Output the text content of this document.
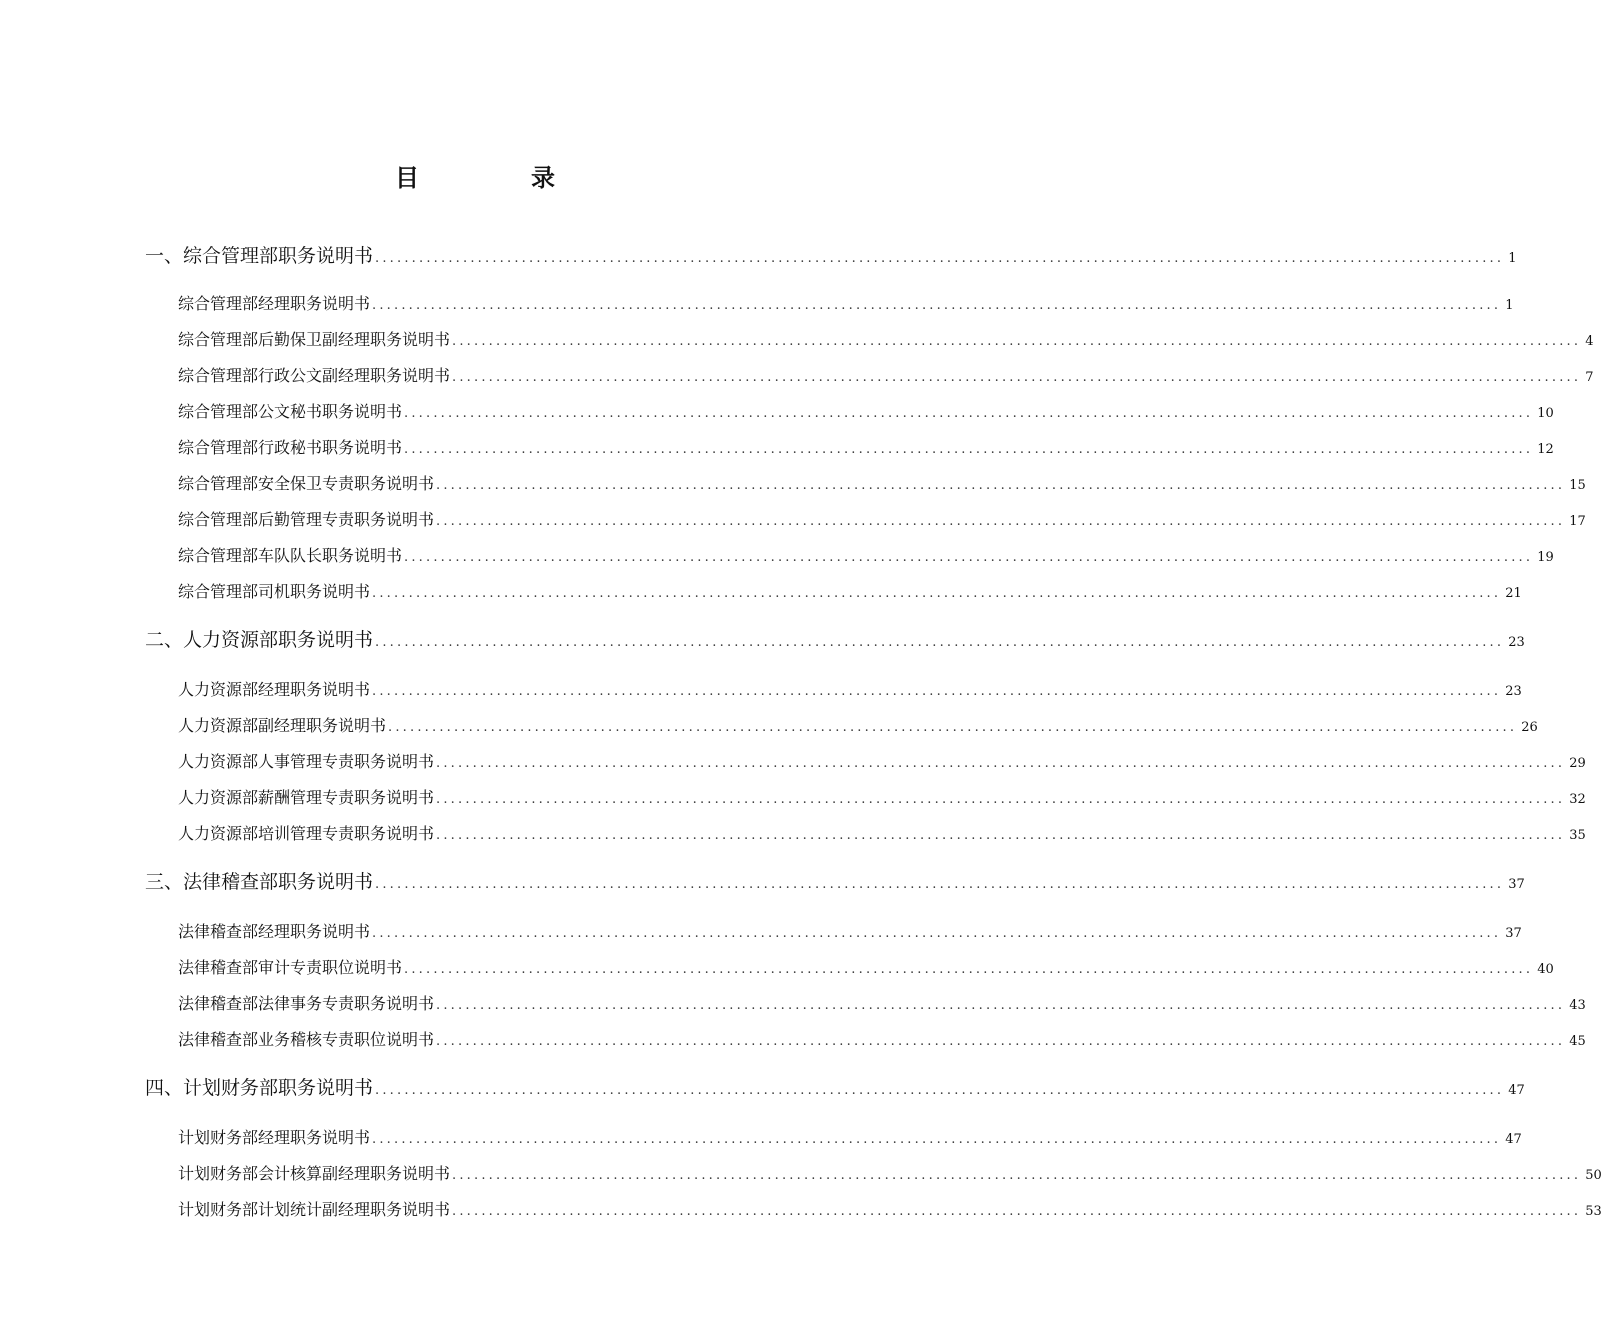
目　录
一、综合管理部职务说明书 .......................................................................................................................................................... 1
综合管理部经理职务说明书 .......................................................................................................................................................... 1
综合管理部后勤保卫副经理职务说明书 .......................................................................................................................................................... 4
综合管理部行政公文副经理职务说明书 .......................................................................................................................................................... 7
综合管理部公文秘书职务说明书 .......................................................................................................................................................... 10
综合管理部行政秘书职务说明书 .......................................................................................................................................................... 12
综合管理部安全保卫专责职务说明书 .......................................................................................................................................................... 15
综合管理部后勤管理专责职务说明书 .......................................................................................................................................................... 17
综合管理部车队队长职务说明书 .......................................................................................................................................................... 19
综合管理部司机职务说明书 .......................................................................................................................................................... 21
二、人力资源部职务说明书 .......................................................................................................................................................... 23
人力资源部经理职务说明书 .......................................................................................................................................................... 23
人力资源部副经理职务说明书 .......................................................................................................................................................... 26
人力资源部人事管理专责职务说明书 .......................................................................................................................................................... 29
人力资源部薪酬管理专责职务说明书 .......................................................................................................................................................... 32
人力资源部培训管理专责职务说明书 .......................................................................................................................................................... 35
三、法律稽查部职务说明书 .......................................................................................................................................................... 37
法律稽查部经理职务说明书 .......................................................................................................................................................... 37
法律稽查部审计专责职位说明书 .......................................................................................................................................................... 40
法律稽查部法律事务专责职务说明书 .......................................................................................................................................................... 43
法律稽查部业务稽核专责职位说明书 .......................................................................................................................................................... 45
四、计划财务部职务说明书 .......................................................................................................................................................... 47
计划财务部经理职务说明书 .......................................................................................................................................................... 47
计划财务部会计核算副经理职务说明书 .......................................................................................................................................................... 50
计划财务部计划统计副经理职务说明书 .......................................................................................................................................................... 53
